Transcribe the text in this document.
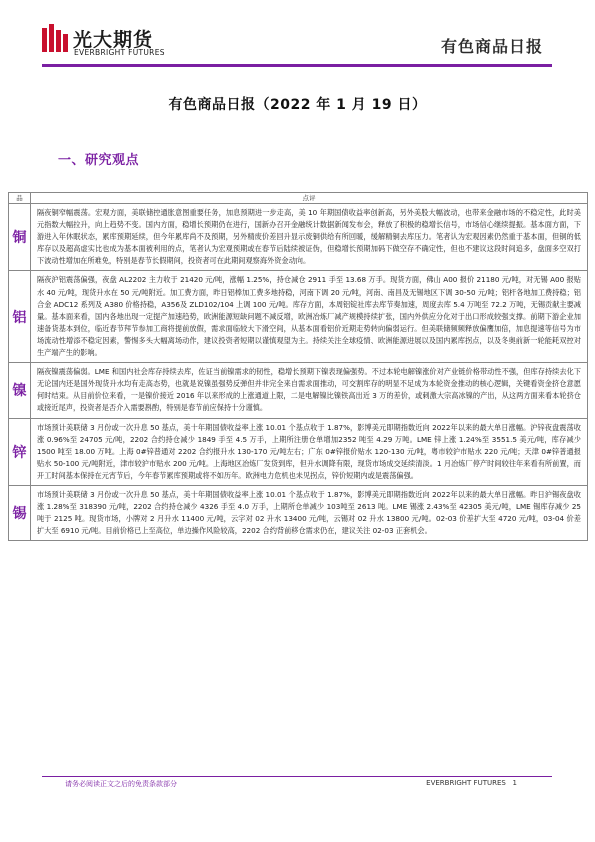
光大期货
EVERBRIGHT FUTURES	有色商品日报
有色商品日报（2022 年 1 月 19 日）
一、研究观点
品	点评
铜	隔夜铜窄幅震荡。宏观方面，美联储控通胀意图重要任务，加息预期进一步走高，美 10 年期国债收益率创新高，另外美股大幅波动，也带来金融市场的不稳定性，此时美元指数大幅拉升，向上趋势不变。国内方面，稳增长预期仍在进行，国新办召开金融统计数据新闻发布会，释放了积极的稳增长信号，市场信心继续提振。基本面方面，下游进入年休眠状态，累库预期延续，但今年累库尚不及预期，另外精废价差回升显示废铜供给有所回暖，缓解精铜去库压力。笔者认为宏观因素仍然重于基本面，但铜的低库存以及超高虚实比也成为基本面被利用的点，笔者认为宏观预期或在春节后陆续被证伪，但稳增长预期加码下做空存不确定性，但也不建议这段时间追多，盘面多空双打下波动性增加在所难免，特别是春节长假期间，投资者可在此期间观察海外资金动向。
铝	隔夜沪铝震荡偏强，夜盘 AL2202 主力收于 21420 元/吨，涨幅 1.25%，持仓减仓 2911 手至 13.68 万手。现货方面，佛山 A00 报价 21180 元/吨，对无锡 A00 报贴水 40 元/吨，现货升水在 50 元/吨附近。加工费方面，昨日铝棒加工费多地持稳，河南下调 20 元/吨，河南、南昌及无锡地区下调 30-50 元/吨；铝杆各地加工费持稳；铝合金 ADC12 系列及 A380 价格持稳，A356及 ZLD102/104 上调 100 元/吨。库存方面，本周铝锭社库去库节奏加速，周度去库 5.4 万吨至 72.2 万吨，无锡贡献主要减量。基本面来看，国内各地出现一定提产加速趋势，欧洲能源短缺问题不减反增，欧洲冶炼厂减产规模持续扩张，国内外供应分化对于出口形成较强支撑。前期下游企业加速备货基本到位，临近春节拜节参加工商将提前放假，需求面临较大下滑空间，从基本面看铝价近期走势转向偏弱运行。但美联储频频释放偏鹰加倍，加息提速等信号为市场流动性增添不稳定因素，警惕多头大幅离场动作，建议投资者短期以谨慎观望为主。持续关注全球疫情、欧洲能源进展以及国内累库拐点，以及冬奥前新一轮能耗双控对生产端产生的影响。
镍	隔夜镍震荡偏弱。LME 和国内社会库存持续去库，佐证当前镍需求的韧性，稳增长预期下镍表现偏强势。不过本轮电解镍涨价对产业链价格带动性不强，但库存持续去化下无论国内还是国外现货升水均有走高态势，也就是说镍虽强势反弹但并非完全来自需求面推动，可交割库存的明显不足成为本轮资金推动的核心逻辑，关键看资金挤仓意愿何时结束。从目前价位来看，一是镍价接近 2016 年以来形成的上涨通道上限，二是电解镍比镍铁高出近 3 万的差价，或刺激大宗高冰镍的产出，从这两方面来看本轮挤仓或接近尾声，投资者是否介入需要斟酌，特别是春节前应保持十分谨慎。
锌	市场预计美联储 3 月份或一次升息 50 基点，美十年期国债收益率上涨 10.01 个基点收于 1.87%，影博美元即期指数近向 2022年以来的最大单日涨幅。沪锌夜盘震荡收涨 0.96%至 24705 元/吨，2202 合约持仓减少 1849 手至 4.5 万手，上期所注册仓单增加2352 吨至 4.29 万吨。LME 锌上涨 1.24%至 3551.5 美元/吨，库存减少 1500 吨至 18.00 万吨。上海 0#锌普通对 2202 合约报升水 130-170 元/吨左右；广东 0#锌报价贴水 120-130 元/吨，粤市较沪市贴水 220 元/吨；天津 0#锌普通报贴水 50-100 元/吨附近，津市较沪市贴水 200 元/吨。上海地区冶炼厂发货到库，但升水调降有限，现货市场成交延续清淡。1 月冶炼厂停产时间较往年来看有所前置，而开工时间基本保持在元宵节后，今年春节累库预期或将不如历年。欧洲电力危机也未见拐点，锌价短期内或是震荡偏强。
锡	市场预计美联储 3 月份或一次升息 50 基点，美十年期国债收益率上涨 10.01 个基点收于 1.87%，影博美元即期指数近向 2022年以来的最大单日涨幅。昨日沪锡夜盘收涨 1.28%至 318390 元/吨，2202 合约持仓减少 4326 手至 4.0 万手，上期所仓单减少 103吨至 2613 吨。LME 锡涨 2.43%至 42305 美元/吨，LME 锡库存减少 25 吨于 2125 吨。现货市场，小牌对 2 月升水 11400 元/吨，云字对 02 升水 13400 元/吨，云锡对 02 升水 13800 元/吨。02-03 价差扩大至 4720 元/吨，03-04 价差扩大至 6910 元/吨。目前价格已上至高位，单边操作风险较高，2202 合约背前移仓需求仍在，建议关注 02-03 正套机会。
请务必阅读正文之后的免责条款部分	EVERBRIGHT FUTURES 1
